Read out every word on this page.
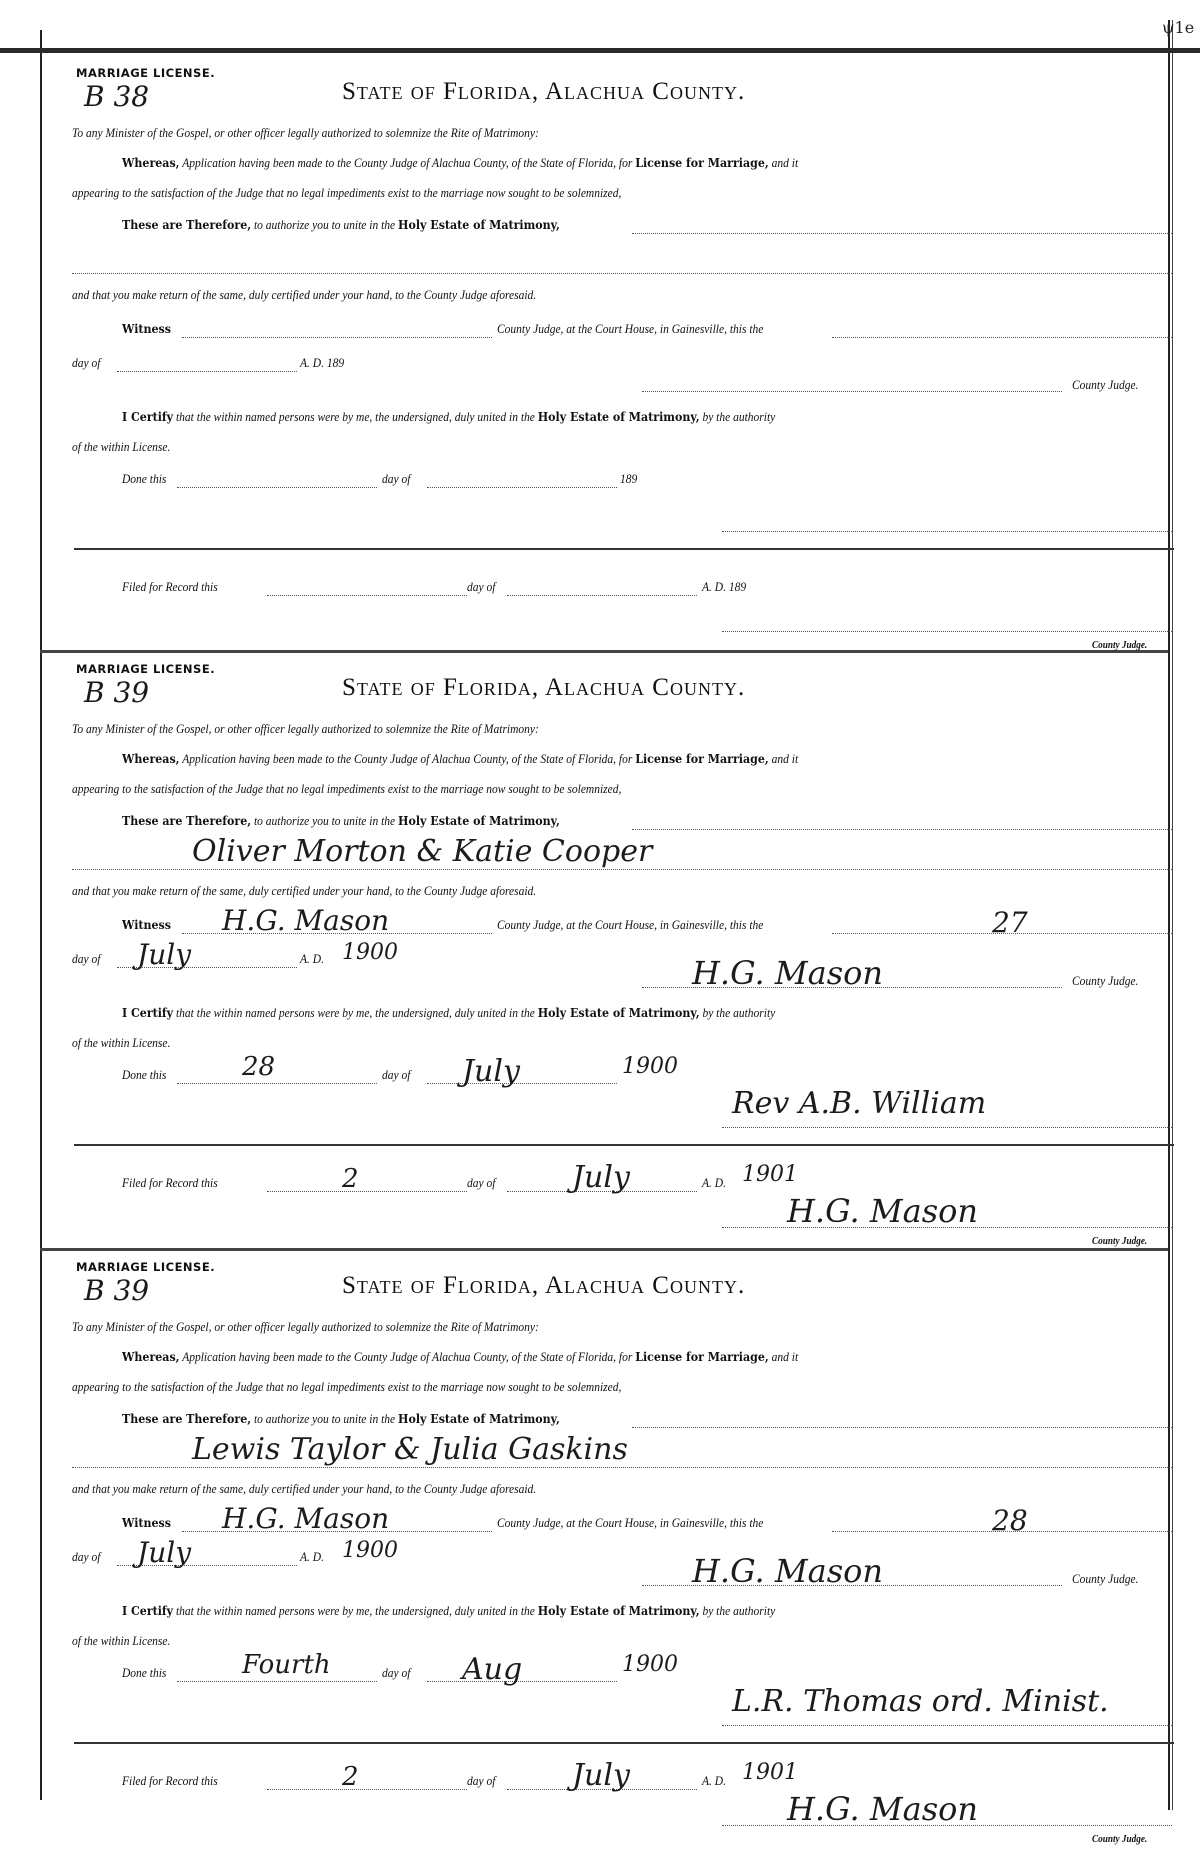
ψ1e
MARRIAGE LICENSE.
B 38	State of Florida, Alachua County.
To any Minister of the Gospel, or other officer legally authorized to solemnize the Rite of Matrimony:
Whereas, Application having been made to the County Judge of Alachua County, of the State of Florida, for License for Marriage, and it
appearing to the satisfaction of the Judge that no legal impediments exist to the marriage now sought to be solemnized,
These are Therefore, to authorize you to unite in the Holy Estate of Matrimony,
and that you make return of the same, duly certified under your hand, to the County Judge aforesaid.
Witness	County Judge, at the Court House, in Gainesville, this the
day of	A. D. 189
County Judge.
I Certify that the within named persons were by me, the undersigned, duly united in the Holy Estate of Matrimony, by the authority
of the within License.
Done this	day of	189
Filed for Record this	day of	A. D. 189
County Judge.
MARRIAGE LICENSE.
B 39	State of Florida, Alachua County.
To any Minister of the Gospel, or other officer legally authorized to solemnize the Rite of Matrimony:
Whereas, Application having been made to the County Judge of Alachua County, of the State of Florida, for License for Marriage, and it
appearing to the satisfaction of the Judge that no legal impediments exist to the marriage now sought to be solemnized,
These are Therefore, to authorize you to unite in the Holy Estate of Matrimony,
Oliver Morton & Katie Cooper
and that you make return of the same, duly certified under your hand, to the County Judge aforesaid.
Witness H.G. Mason	County Judge, at the Court House, in Gainesville, this the	27
day of July	A. D. 1900
H.G. Mason	County Judge.
I Certify that the within named persons were by me, the undersigned, duly united in the Holy Estate of Matrimony, by the authority
of the within License.
Done this	28	day of July	1900
Rev A.B. William
Filed for Record this	2	day of	July	A. D. 1901
H.G. Mason
County Judge.
MARRIAGE LICENSE.
B 39	State of Florida, Alachua County.
To any Minister of the Gospel, or other officer legally authorized to solemnize the Rite of Matrimony:
Whereas, Application having been made to the County Judge of Alachua County, of the State of Florida, for License for Marriage, and it
appearing to the satisfaction of the Judge that no legal impediments exist to the marriage now sought to be solemnized,
These are Therefore, to authorize you to unite in the Holy Estate of Matrimony,
Lewis Taylor & Julia Gaskins
and that you make return of the same, duly certified under your hand, to the County Judge aforesaid.
Witness H.G. Mason	County Judge, at the Court House, in Gainesville, this the	28
day of July	A. D. 1900
H.G. Mason	County Judge.
I Certify that the within named persons were by me, the undersigned, duly united in the Holy Estate of Matrimony, by the authority
of the within License.
Done this	Fourth	day of Aug	1900
L.R. Thomas ord. Minist.
Filed for Record this	2	day of	July	A. D. 1901
H.G. Mason
County Judge.
